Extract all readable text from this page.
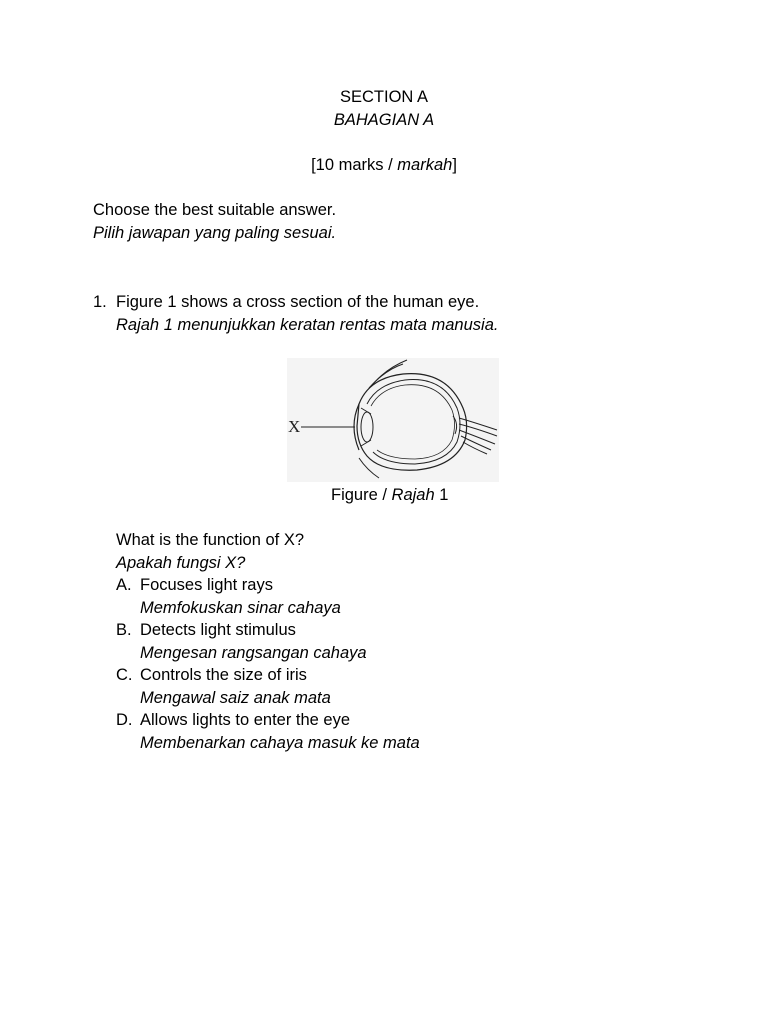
SECTION A
BAHAGIAN A
[10 marks / markah]
Choose the best suitable answer.
Pilih jawapan yang paling sesuai.
1. Figure 1 shows a cross section of the human eye.
Rajah 1 menunjukkan keratan rentas mata manusia.
X
Figure / Rajah 1
What is the function of X?
Apakah fungsi X?
A. Focuses light rays
Memfokuskan sinar cahaya
B. Detects light stimulus
Mengesan rangsangan cahaya
C. Controls the size of iris
Mengawal saiz anak mata
D. Allows lights to enter the eye
Membenarkan cahaya masuk ke mata
